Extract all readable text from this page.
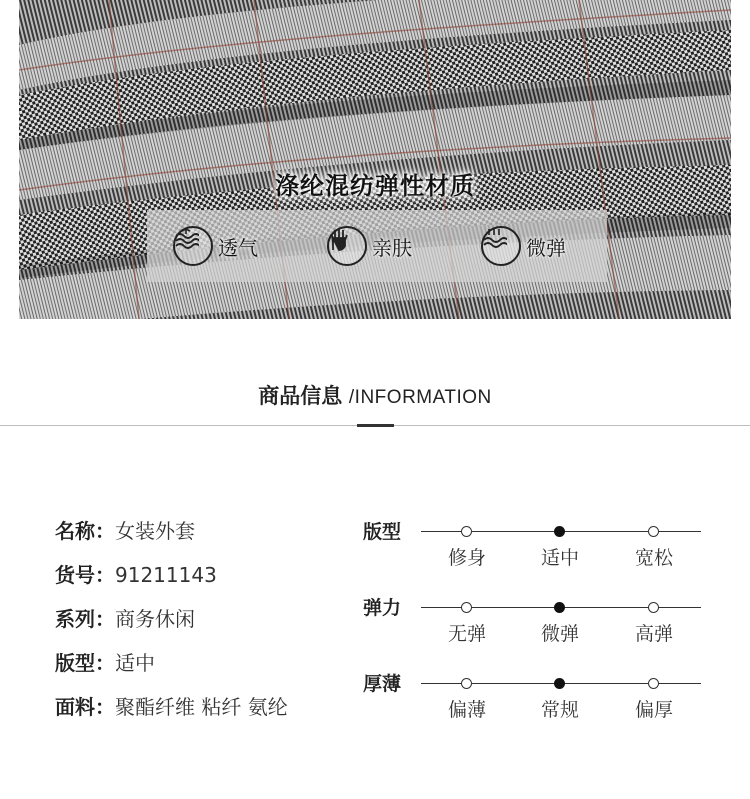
涤纶混纺弹性材质
透气	亲肤	微弹
商品信息 /INFORMATION
名称：女装外套
货号：91211143
系列：商务休闲
版型：适中
面料：聚酯纤维 粘纤 氨纶
版型
修身	适中	宽松
弹力
无弹	微弹	高弹
厚薄
偏薄	常规	偏厚
